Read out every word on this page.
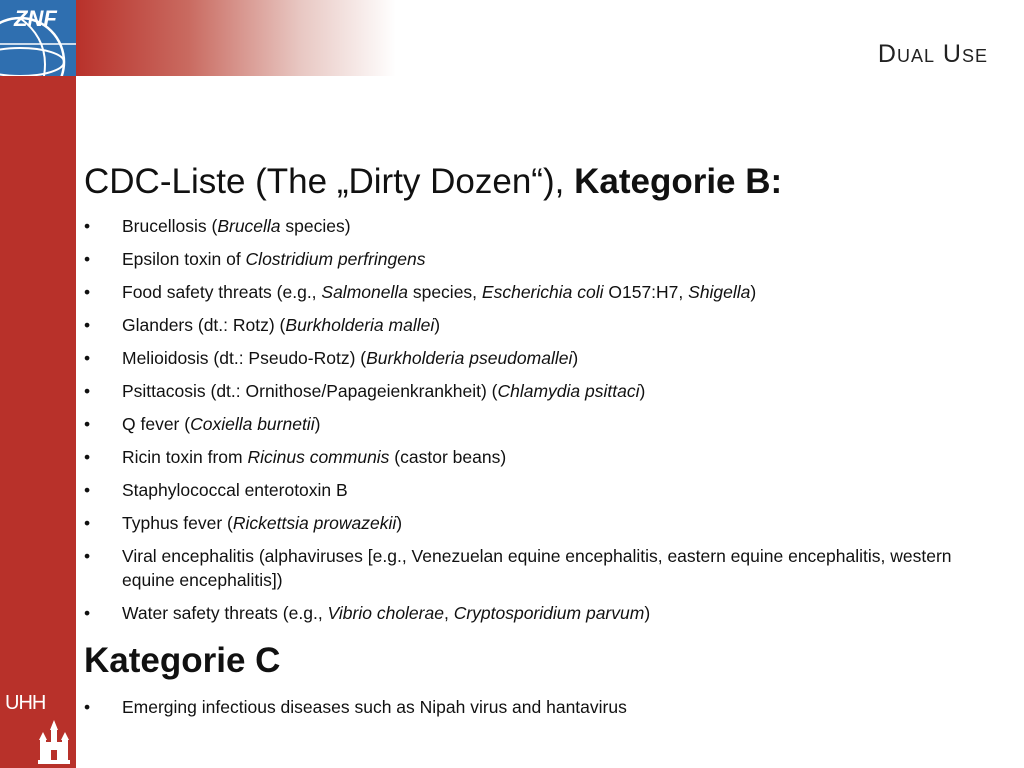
ZNF
UHH
Dual Use
CDC-Liste (The „Dirty Dozen“), Kategorie B:
• Brucellosis (Brucella species)
• Epsilon toxin of Clostridium perfringens
• Food safety threats (e.g., Salmonella species, Escherichia coli O157:H7, Shigella)
• Glanders (dt.: Rotz) (Burkholderia mallei)
• Melioidosis (dt.: Pseudo-Rotz) (Burkholderia pseudomallei)
• Psittacosis (dt.: Ornithose/Papageienkrankheit) (Chlamydia psittaci)
• Q fever (Coxiella burnetii)
• Ricin toxin from Ricinus communis (castor beans)
• Staphylococcal enterotoxin B
• Typhus fever (Rickettsia prowazekii)
• Viral encephalitis (alphaviruses [e.g., Venezuelan equine encephalitis, eastern equine encephalitis, western equine encephalitis])
• Water safety threats (e.g., Vibrio cholerae, Cryptosporidium parvum)
Kategorie C
• Emerging infectious diseases such as Nipah virus and hantavirus
